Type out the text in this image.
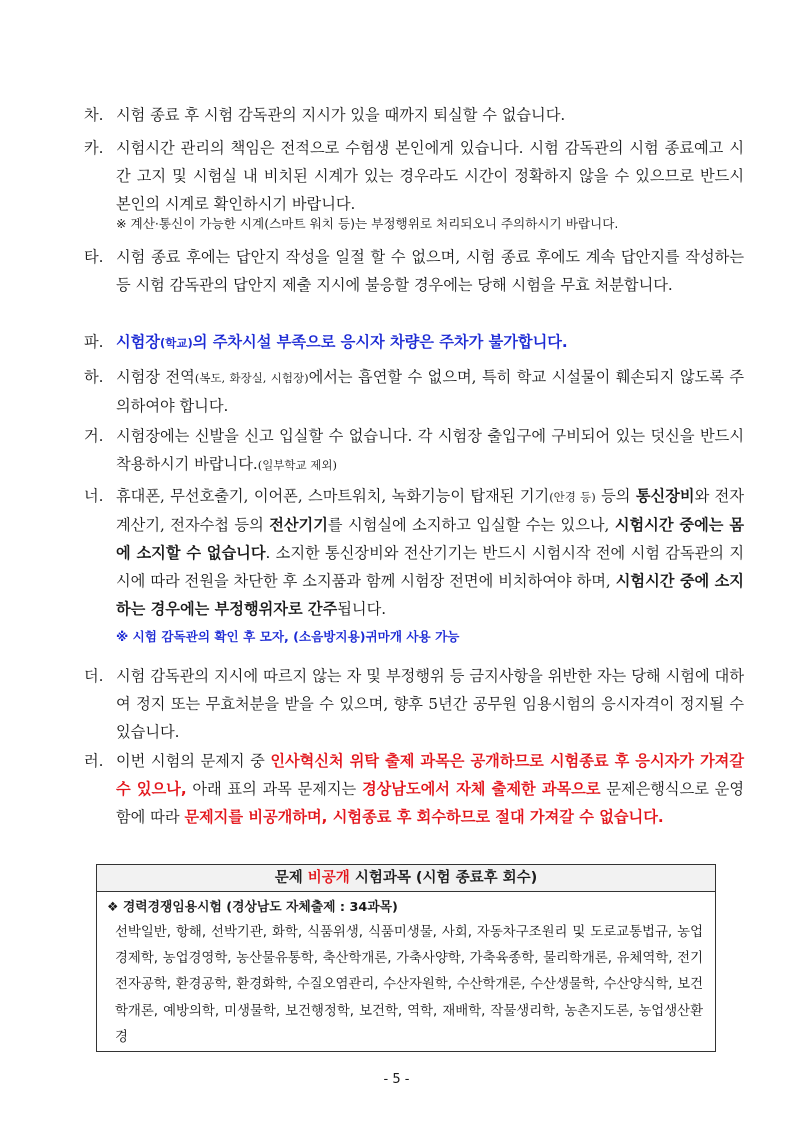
차. 시험 종료 후 시험 감독관의 지시가 있을 때까지 퇴실할 수 없습니다.
카. 시험시간 관리의 책임은 전적으로 수험생 본인에게 있습니다. 시험 감독관의 시험 종료예고 시간 고지 및 시험실 내 비치된 시계가 있는 경우라도 시간이 정확하지 않을 수 있으므로 반드시 본인의 시계로 확인하시기 바랍니다.
※ 계산·통신이 가능한 시계(스마트 워치 등)는 부정행위로 처리되오니 주의하시기 바랍니다.
타. 시험 종료 후에는 답안지 작성을 일절 할 수 없으며, 시험 종료 후에도 계속 답안지를 작성하는 등 시험 감독관의 답안지 제출 지시에 불응할 경우에는 당해 시험을 무효 처분합니다.
파. 시험장(학교)의 주차시설 부족으로 응시자 차량은 주차가 불가합니다.
하. 시험장 전역(복도, 화장실, 시험장)에서는 흡연할 수 없으며, 특히 학교 시설물이 훼손되지 않도록 주의하여야 합니다.
거. 시험장에는 신발을 신고 입실할 수 없습니다. 각 시험장 출입구에 구비되어 있는 덧신을 반드시 착용하시기 바랍니다.(일부학교 제외)
너. 휴대폰, 무선호출기, 이어폰, 스마트워치, 녹화기능이 탑재된 기기(안경 등) 등의 통신장비와 전자계산기, 전자수첩 등의 전산기기를 시험실에 소지하고 입실할 수는 있으나, 시험시간 중에는 몸에 소지할 수 없습니다. 소지한 통신장비와 전산기기는 반드시 시험시작 전에 시험 감독관의 지시에 따라 전원을 차단한 후 소지품과 함께 시험장 전면에 비치하여야 하며, 시험시간 중에 소지하는 경우에는 부정행위자로 간주됩니다.
※ 시험 감독관의 확인 후 모자, (소음방지용)귀마개 사용 가능
더. 시험 감독관의 지시에 따르지 않는 자 및 부정행위 등 금지사항을 위반한 자는 당해 시험에 대하여 정지 또는 무효처분을 받을 수 있으며, 향후 5년간 공무원 임용시험의 응시자격이 정지될 수 있습니다.
러. 이번 시험의 문제지 중 인사혁신처 위탁 출제 과목은 공개하므로 시험종료 후 응시자가 가져갈 수 있으나, 아래 표의 과목 문제지는 경상남도에서 자체 출제한 과목으로 문제은행식으로 운영함에 따라 문제지를 비공개하며, 시험종료 후 회수하므로 절대 가져갈 수 없습니다.
문제 비공개 시험과목 (시험 종료후 회수)
❖ 경력경쟁임용시험 (경상남도 자체출제 : 34과목)
선박일반, 항해, 선박기관, 화학, 식품위생, 식품미생물, 사회, 자동차구조원리 및 도로교통법규, 농업경제학, 농업경영학, 농산물유통학, 축산학개론, 가축사양학, 가축육종학, 물리학개론, 유체역학, 전기전자공학, 환경공학, 환경화학, 수질오염관리, 수산자원학, 수산학개론, 수산생물학, 수산양식학, 보건학개론, 예방의학, 미생물학, 보건행정학, 보건학, 역학, 재배학, 작물생리학, 농촌지도론, 농업생산환경
- 5 -
